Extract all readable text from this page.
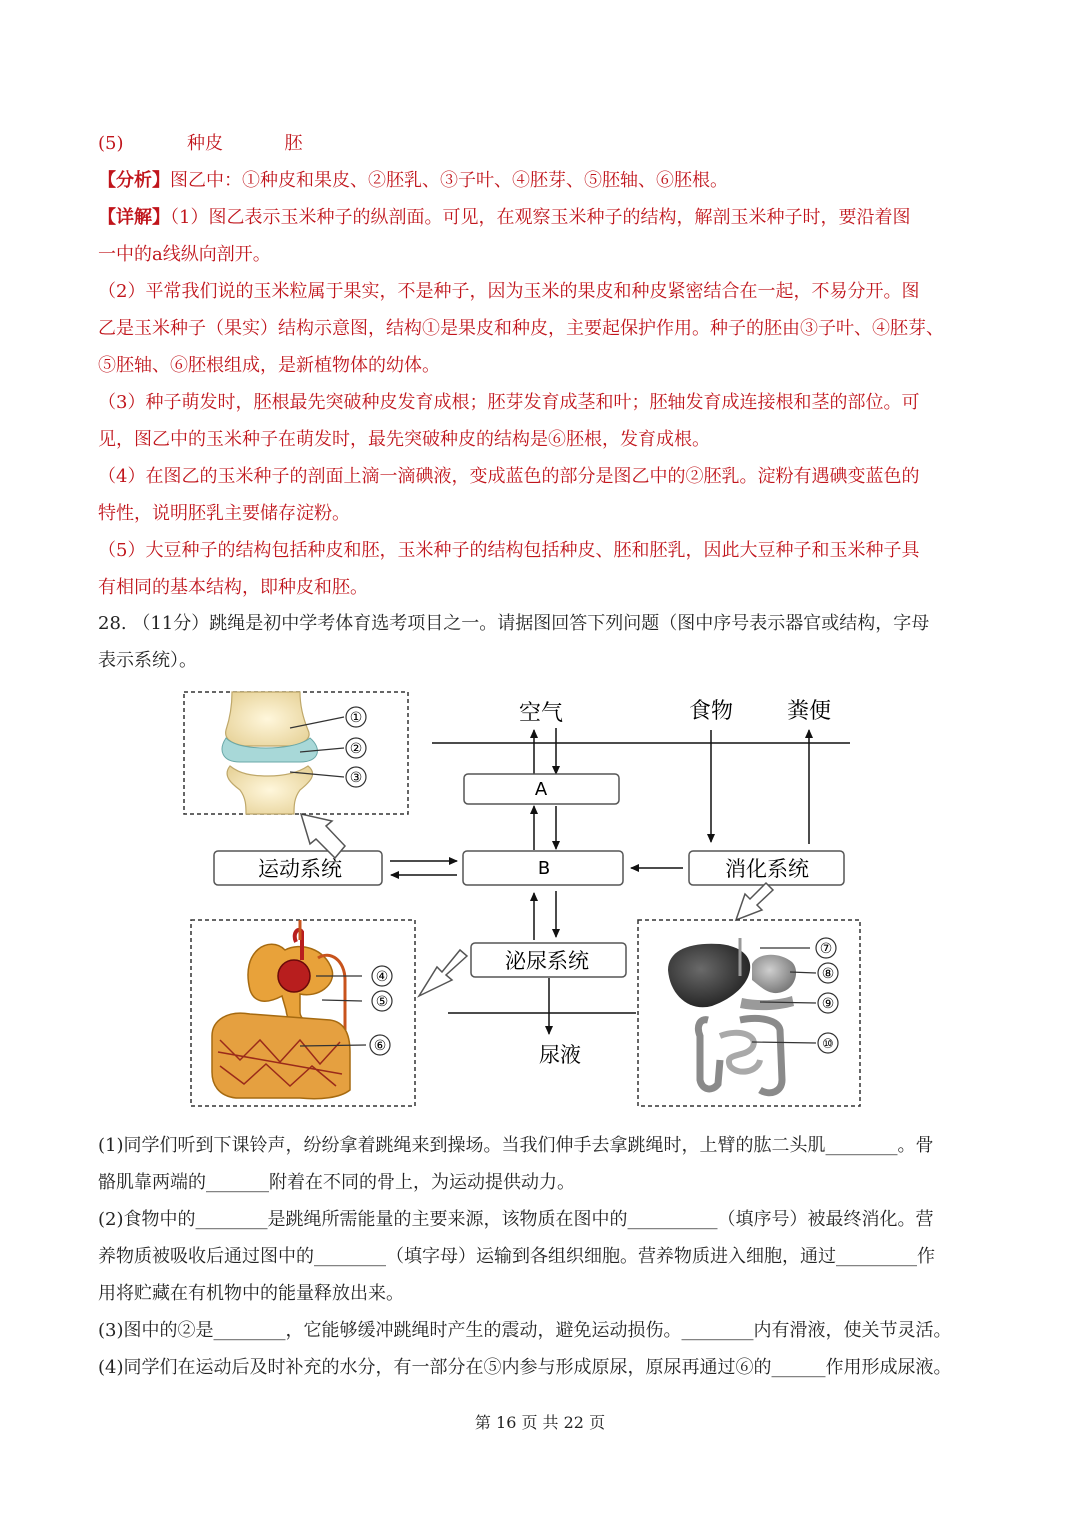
(5)	种皮	胚
【分析】图乙中：①种皮和果皮、②胚乳、③子叶、④胚芽、⑤胚轴、⑥胚根。
【详解】（1）图乙表示玉米种子的纵剖面。可见，在观察玉米种子的结构，解剖玉米种子时，要沿着图
一中的a线纵向剖开。
（2）平常我们说的玉米粒属于果实，不是种子，因为玉米的果皮和种皮紧密结合在一起，不易分开。图
乙是玉米种子（果实）结构示意图，结构①是果皮和种皮，主要起保护作用。种子的胚由③子叶、④胚芽、
⑤胚轴、⑥胚根组成，是新植物体的幼体。
（3）种子萌发时，胚根最先突破种皮发育成根；胚芽发育成茎和叶；胚轴发育成连接根和茎的部位。可
见，图乙中的玉米种子在萌发时，最先突破种皮的结构是⑥胚根，发育成根。
（4）在图乙的玉米种子的剖面上滴一滴碘液，变成蓝色的部分是图乙中的②胚乳。淀粉有遇碘变蓝色的
特性，说明胚乳主要储存淀粉。
（5）大豆种子的结构包括种皮和胚，玉米种子的结构包括种皮、胚和胚乳，因此大豆种子和玉米种子具
有相同的基本结构，即种皮和胚。
28. （11分）跳绳是初中学考体育选考项目之一。请据图回答下列问题（图中序号表示器官或结构，字母
表示系统）。
空气	食物 粪便
A
B
运动系统	消化系统
泌尿系统
尿液
①
②
③
④
⑤
⑥
⑦
⑧
⑨
⑩
(1)同学们听到下课铃声，纷纷拿着跳绳来到操场。当我们伸手去拿跳绳时，上臂的肱二头肌________。骨
骼肌靠两端的_______附着在不同的骨上，为运动提供动力。
(2)食物中的________是跳绳所需能量的主要来源，该物质在图中的__________（填序号）被最终消化。营
养物质被吸收后通过图中的________（填字母）运输到各组织细胞。营养物质进入细胞，通过_________作
用将贮藏在有机物中的能量释放出来。
(3)图中的②是________，它能够缓冲跳绳时产生的震动，避免运动损伤。________内有滑液，使关节灵活。
(4)同学们在运动后及时补充的水分，有一部分在⑤内参与形成原尿，原尿再通过⑥的______作用形成尿液。
第 16 页 共 22 页
